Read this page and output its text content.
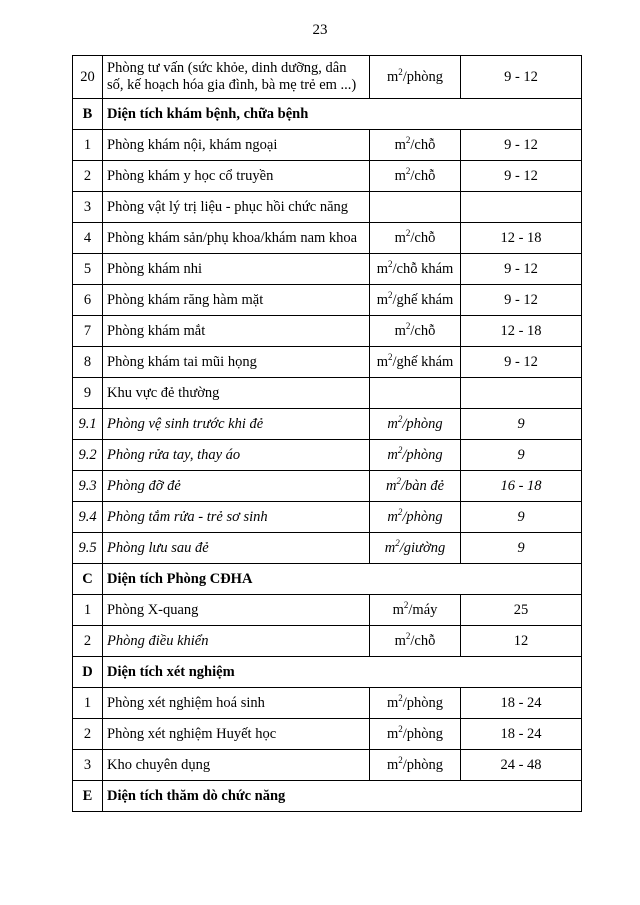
23
20	Phòng tư vấn (sức khỏe, dinh dưỡng, dân số, kế hoạch hóa gia đình, bà mẹ trẻ em ...)	$m^2$/phòng	9 - 12
B	Diện tích khám bệnh, chữa bệnh		
1	Phòng khám nội, khám ngoại	$m^2$/chỗ	9 - 12
2	Phòng khám y học cổ truyền	$m^2$/chỗ	9 - 12
3	Phòng vật lý trị liệu - phục hồi chức năng		
4	Phòng khám sản/phụ khoa/khám nam khoa	$m^2$/chỗ	12 - 18
5	Phòng khám nhi	$m^2$/chỗ khám	9 - 12
6	Phòng khám răng hàm mặt	$m^2$/ghế khám	9 - 12
7	Phòng khám mắt	$m^2$/chỗ	12 - 18
8	Phòng khám tai mũi họng	$m^2$/ghế khám	9 - 12
9	Khu vực đẻ thường		
9.1	Phòng vệ sinh trước khi đẻ	$m^2$/phòng	9
9.2	Phòng rửa tay, thay áo	$m^2$/phòng	9
9.3	Phòng đỡ đẻ	$m^2$/bàn đẻ	16 - 18
9.4	Phòng tắm rửa - trẻ sơ sinh	$m^2$/phòng	9
9.5	Phòng lưu sau đẻ	$m^2$/giường	9
C	Diện tích Phòng CĐHA		
1	Phòng X-quang	$m^2$/máy	25
2	Phòng điều khiển	$m^2$/chỗ	12
D	Diện tích xét nghiệm		
1	Phòng xét nghiệm hoá sinh	$m^2$/phòng	18 - 24
2	Phòng xét nghiệm Huyết học	$m^2$/phòng	18 - 24
3	Kho chuyên dụng	$m^2$/phòng	24 - 48
E	Diện tích thăm dò chức năng		
